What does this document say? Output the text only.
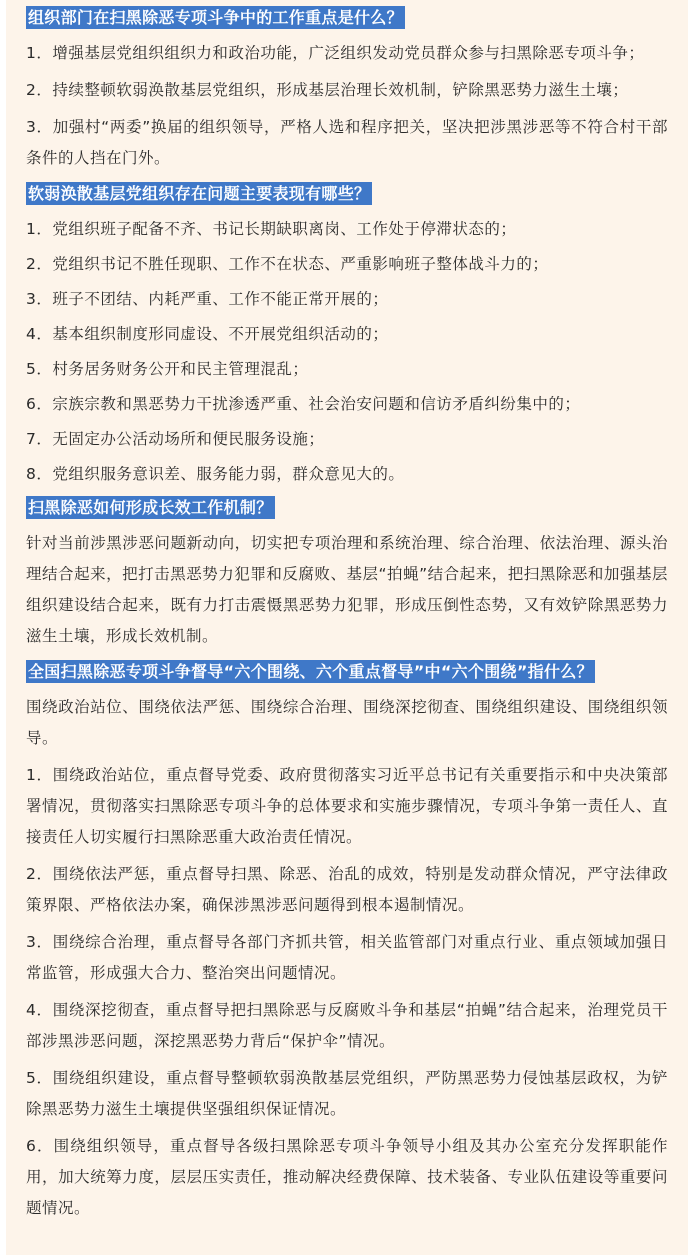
组织部门在扫黑除恶专项斗争中的工作重点是什么？

1．增强基层党组织组织力和政治功能，广泛组织发动党员群众参与扫黑除恶专项斗争；

2．持续整顿软弱涣散基层党组织，形成基层治理长效机制，铲除黑恶势力滋生土壤；

3．加强村“两委”换届的组织领导，严格人选和程序把关，坚决把涉黑涉恶等不符合村干部条件的人挡在门外。

软弱涣散基层党组织存在问题主要表现有哪些？

1．党组织班子配备不齐、书记长期缺职离岗、工作处于停滞状态的；

2．党组织书记不胜任现职、工作不在状态、严重影响班子整体战斗力的；

3．班子不团结、内耗严重、工作不能正常开展的；

4．基本组织制度形同虚设、不开展党组织活动的；

5．村务居务财务公开和民主管理混乱；

6．宗族宗教和黑恶势力干扰渗透严重、社会治安问题和信访矛盾纠纷集中的；

7．无固定办公活动场所和便民服务设施；

8．党组织服务意识差、服务能力弱，群众意见大的。

扫黑除恶如何形成长效工作机制？

针对当前涉黑涉恶问题新动向，切实把专项治理和系统治理、综合治理、依法治理、源头治理结合起来，把打击黑恶势力犯罪和反腐败、基层“拍蝇”结合起来，把扫黑除恶和加强基层组织建设结合起来，既有力打击震慑黑恶势力犯罪，形成压倒性态势，又有效铲除黑恶势力滋生土壤，形成长效机制。

全国扫黑除恶专项斗争督导“六个围绕、六个重点督导”中“六个围绕”指什么？

围绕政治站位、围绕依法严惩、围绕综合治理、围绕深挖彻查、围绕组织建设、围绕组织领导。

1．围绕政治站位，重点督导党委、政府贯彻落实习近平总书记有关重要指示和中央决策部署情况，贯彻落实扫黑除恶专项斗争的总体要求和实施步骤情况，专项斗争第一责任人、直接责任人切实履行扫黑除恶重大政治责任情况。

2．围绕依法严惩，重点督导扫黑、除恶、治乱的成效，特别是发动群众情况，严守法律政策界限、严格依法办案，确保涉黑涉恶问题得到根本遏制情况。

3．围绕综合治理，重点督导各部门齐抓共管，相关监管部门对重点行业、重点领域加强日常监管，形成强大合力、整治突出问题情况。

4．围绕深挖彻查，重点督导把扫黑除恶与反腐败斗争和基层“拍蝇”结合起来，治理党员干部涉黑涉恶问题，深挖黑恶势力背后“保护伞”情况。

5．围绕组织建设，重点督导整顿软弱涣散基层党组织，严防黑恶势力侵蚀基层政权，为铲除黑恶势力滋生土壤提供坚强组织保证情况。

6．围绕组织领导，重点督导各级扫黑除恶专项斗争领导小组及其办公室充分发挥职能作用，加大统筹力度，层层压实责任，推动解决经费保障、技术装备、专业队伍建设等重要问题情况。
